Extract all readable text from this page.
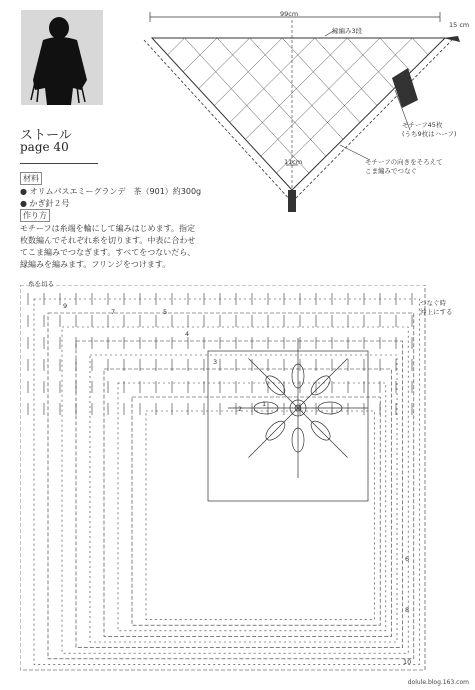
ストール
page 40
材料
● オリムパスエミーグランデ　茶（901）約300g
● かぎ針２号
作り方
モチーフは糸端を輪にして編みはじめます。指定
枚数編んでそれぞれ糸を切ります。中表に合わせ
てこま編みでつなぎます。すべてをつないだら、
縁編みを編みます。フリンジをつけます。
99cm
縁編み3段
15 cm
モチーフ45枚
(うち9枚はハーフ)
モチーフの向きをそろえて
こま編みでつなぐ
11cm
糸を切る
つなぐ時
沖上にする
9
7	5
4
3
2
1
6
8
10
dolule.blog.163.com
